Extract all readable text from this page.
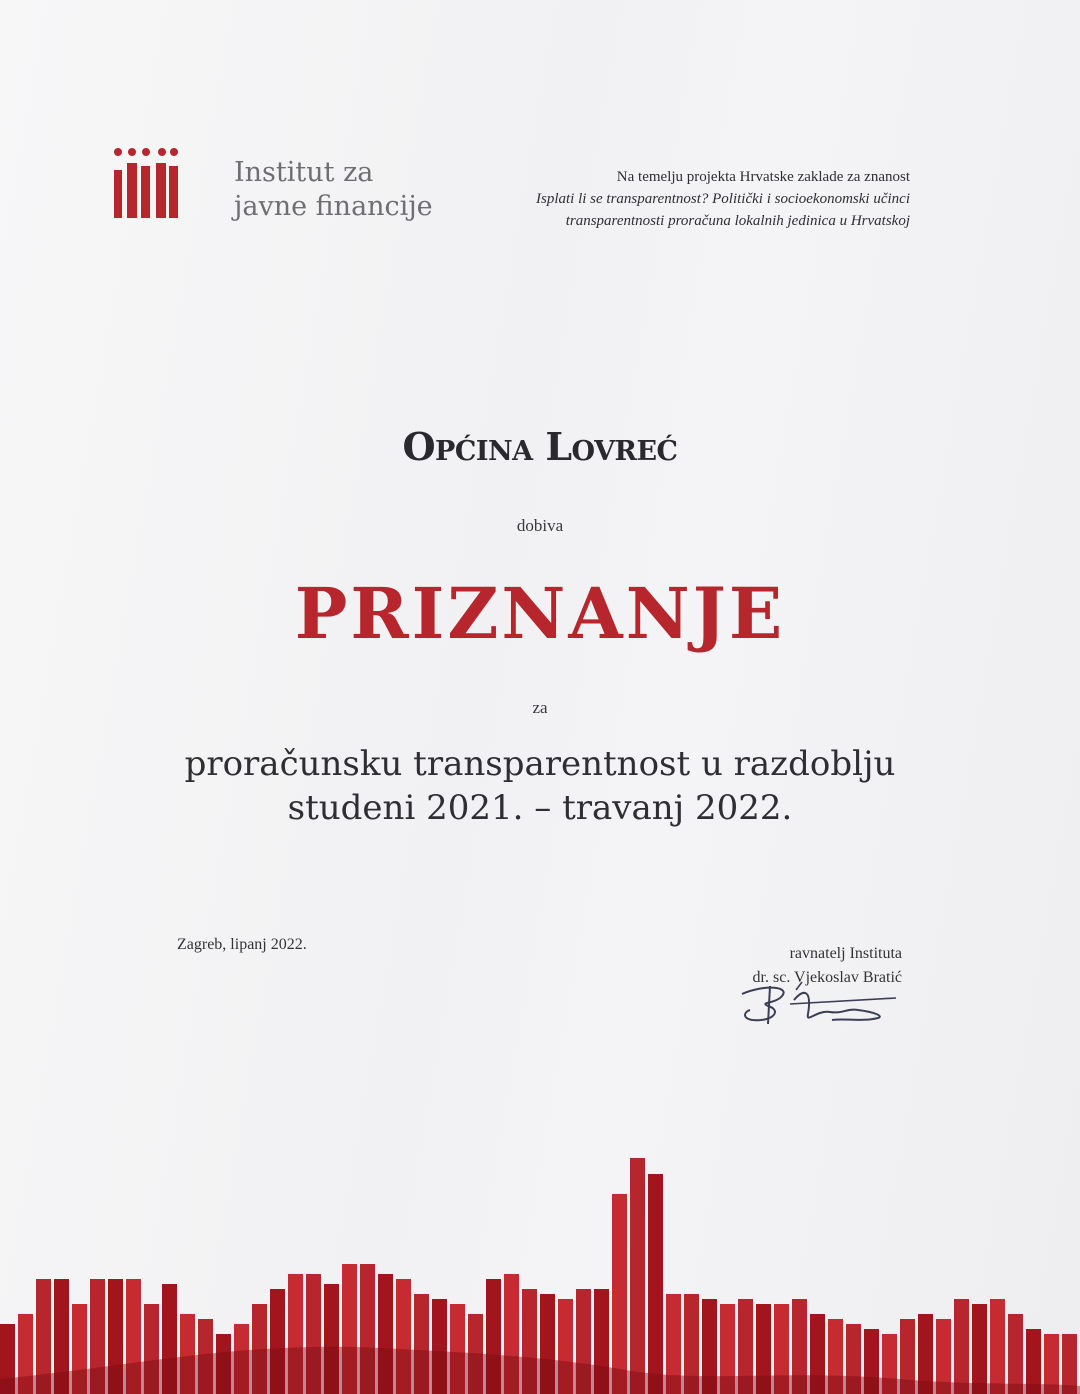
Institut za
javne financije
Na temelju projekta Hrvatske zaklade za znanost
Isplati li se transparentnost? Politički i socioekonomski učinci
transparentnosti proračuna lokalnih jedinica u Hrvatskoj
Općina Lovreć
dobiva
PRIZNANJE
za
proračunsku transparentnost u razdoblju
studeni 2021. – travanj 2022.
Zagreb, lipanj 2022.
ravnatelj Instituta
dr. sc. Vjekoslav Bratić
